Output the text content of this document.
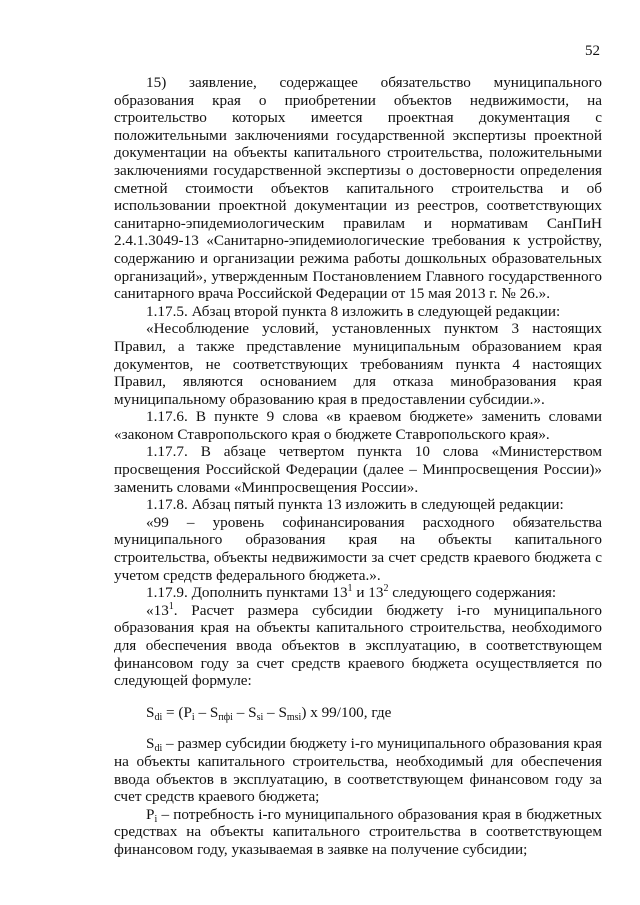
52

15) заявление, содержащее обязательство муниципального образования края о приобретении объектов недвижимости, на строительство которых имеется проектная документация с положительными заключениями государственной экспертизы проектной документации на объекты капитального строительства, положительными заключениями государственной экспертизы о достоверности определения сметной стоимости объектов капитального строительства и об использовании проектной документации из реестров, соответствующих санитарно-эпидемиологическим правилам и нормативам СанПиН 2.4.1.3049-13 «Санитарно-эпидемиологические требования к устройству, содержанию и организации режима работы дошкольных образовательных организаций», утвержденным Постановлением Главного государственного санитарного врача Российской Федерации от 15 мая 2013 г. № 26.».

1.17.5. Абзац второй пункта 8 изложить в следующей редакции:

«Несоблюдение условий, установленных пунктом 3 настоящих Правил, а также представление муниципальным образованием края документов, не соответствующих требованиям пункта 4 настоящих Правил, являются основанием для отказа минобразования края муниципальному образованию края в предоставлении субсидии.».

1.17.6. В пункте 9 слова «в краевом бюджете» заменить словами «законом Ставропольского края о бюджете Ставропольского края».

1.17.7. В абзаце четвертом пункта 10 слова «Министерством просвещения Российской Федерации (далее – Минпросвещения России)» заменить словами «Минпросвещения России».

1.17.8. Абзац пятый пункта 13 изложить в следующей редакции:

«99 – уровень софинансирования расходного обязательства муниципального образования края на объекты капитального строительства, объекты недвижимости за счет средств краевого бюджета с учетом средств федерального бюджета.».

1.17.9. Дополнить пунктами $13^1$ и $13^2$ следующего содержания:

«$13^1$. Расчет размера субсидии бюджету i-го муниципального образования края на объекты капитального строительства, необходимого для обеспечения ввода объектов в эксплуатацию, в соответствующем финансовом году за счет средств краевого бюджета осуществляется по следующей формуле:

$S_{di} = (P_i - S_{пфi} - S_{si} - S_{msi})$ x 99/100, где

$S_{di}$ – размер субсидии бюджету i-го муниципального образования края на объекты капитального строительства, необходимый для обеспечения ввода объектов в эксплуатацию, в соответствующем финансовом году за счет средств краевого бюджета;

$P_i$ – потребность i-го муниципального образования края в бюджетных средствах на объекты капитального строительства в соответствующем финансовом году, указываемая в заявке на получение субсидии;
